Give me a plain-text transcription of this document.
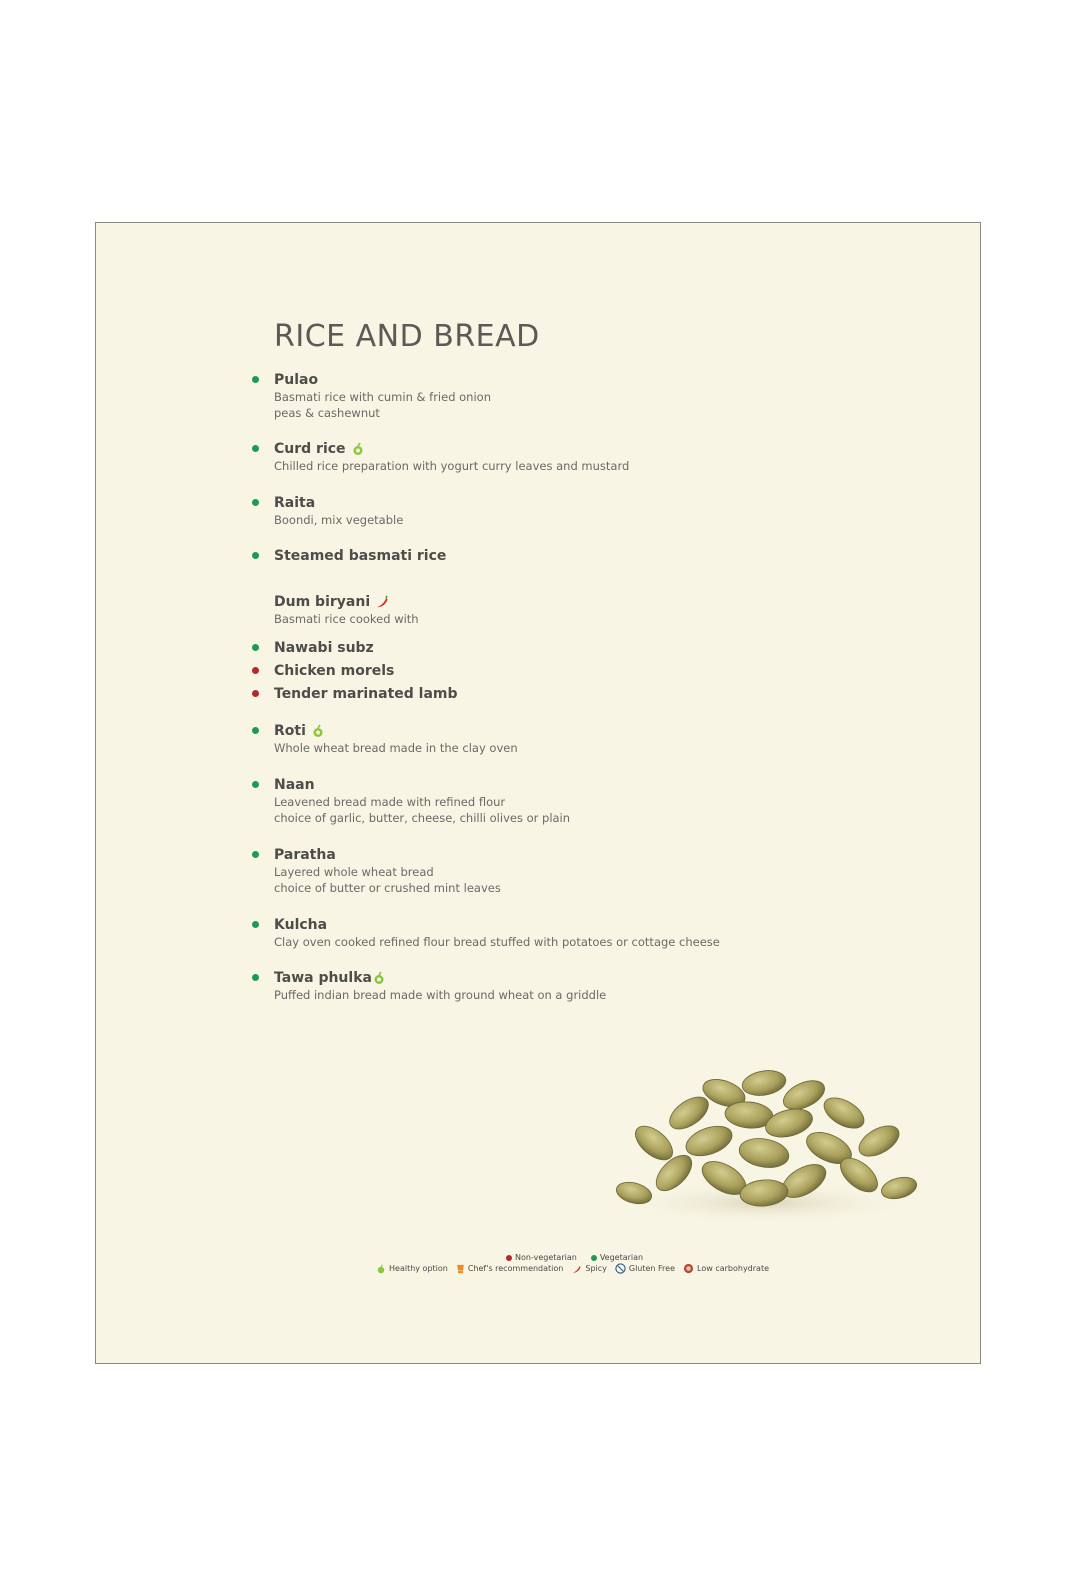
RICE AND BREAD
Pulao
Basmati rice with cumin & fried onion
peas & cashewnut
Curd rice
Chilled rice preparation with yogurt curry leaves and mustard
Raita
Boondi, mix vegetable
Steamed basmati rice
Dum biryani
Basmati rice cooked with
Nawabi subz
Chicken morels
Tender marinated lamb
Roti
Whole wheat bread made in the clay oven
Naan
Leavened bread made with refined flour
choice of garlic, butter, cheese, chilli olives or plain
Paratha
Layered whole wheat bread
choice of butter or crushed mint leaves
Kulcha
Clay oven cooked refined flour bread stuffed with potatoes or cottage cheese
Tawa phulka
Puffed indian bread made with ground wheat on a griddle
Non-vegetarian	Vegetarian
Healthy option	Chef's recommendation	Spicy	Gluten Free	Low carbohydrate
